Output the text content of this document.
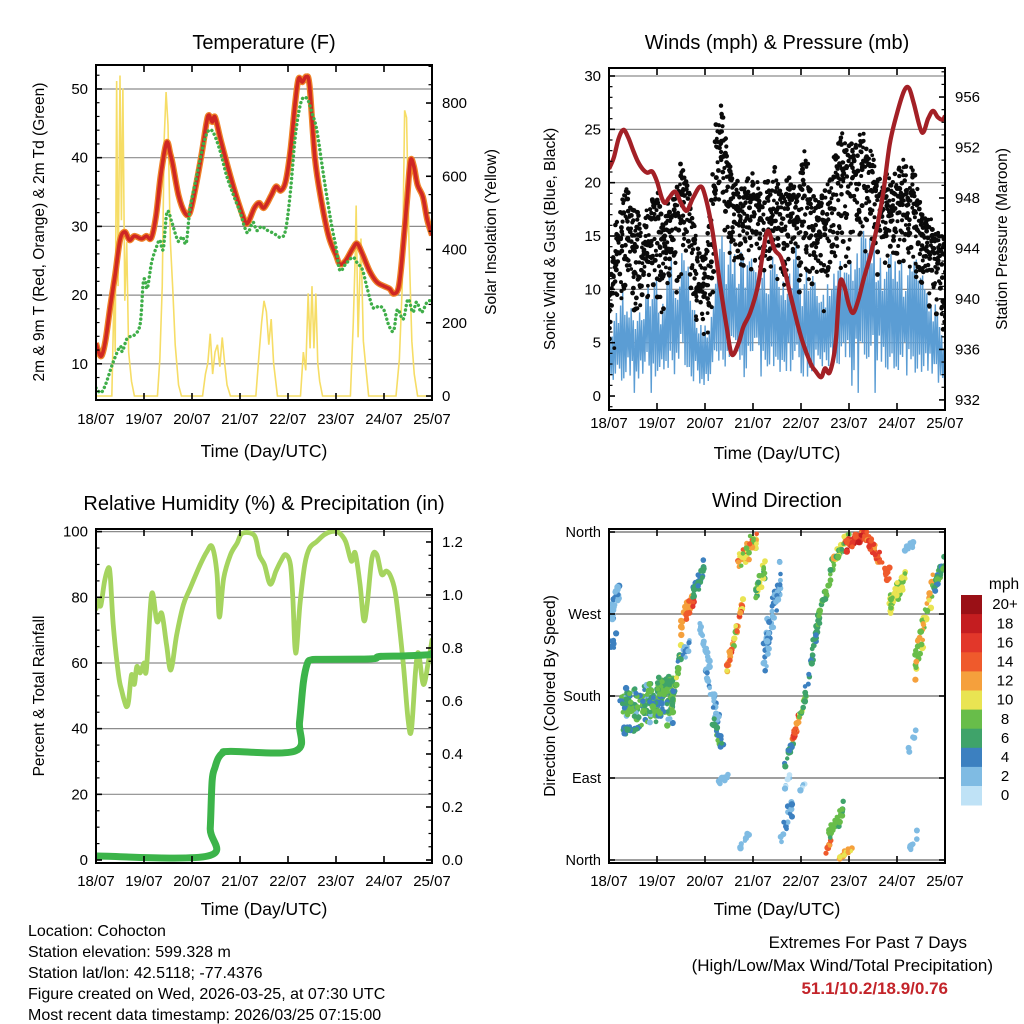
18/07 19/07 20/07 21/07 22/07 23/07 24/07 25/07
10
20
30
40
50
0
200
400
600
800
18/07 19/07 20/07 21/07 22/07 23/07 24/07 25/07
0
5
10
15
20
25
30
932
936
940
944
948
952
956
18/07 19/07 20/07 21/07 22/07 23/07 24/07 25/07
0
20
40
60
80
100
0.0
0.2
0.4
0.6
0.8
1.0
1.2
18/07 19/07 20/07 21/07 22/07 23/07 24/07 25/07
North
East
South
West
North
mph
20+
18
16
14
12
10
8
6
4
2
0
Temperature (F)	Winds (mph) & Pressure (mb)
Relative Humidity (%) & Precipitation (in)	Wind Direction
Time (Day/UTC)	Time (Day/UTC)
Time (Day/UTC)	Time (Day/UTC)
2m & 9m T (Red, Orange) & 2m Td (Green)	Solar Insolation (Yellow)	Sonic Wind & Gust (Blue, Black)	Station Pressure (Maroon)
Percent & Total Rainfall	Direction (Colored By Speed)
Location: Cohocton
Station elevation: 599.328 m
Station lat/lon: 42.5118; -77.4376
Figure created on Wed, 2026-03-25, at 07:30 UTC
Most recent data timestamp: 2026/03/25 07:15:00
Extremes For Past 7 Days
(High/Low/Max Wind/Total Precipitation)
51.1/10.2/18.9/0.76
